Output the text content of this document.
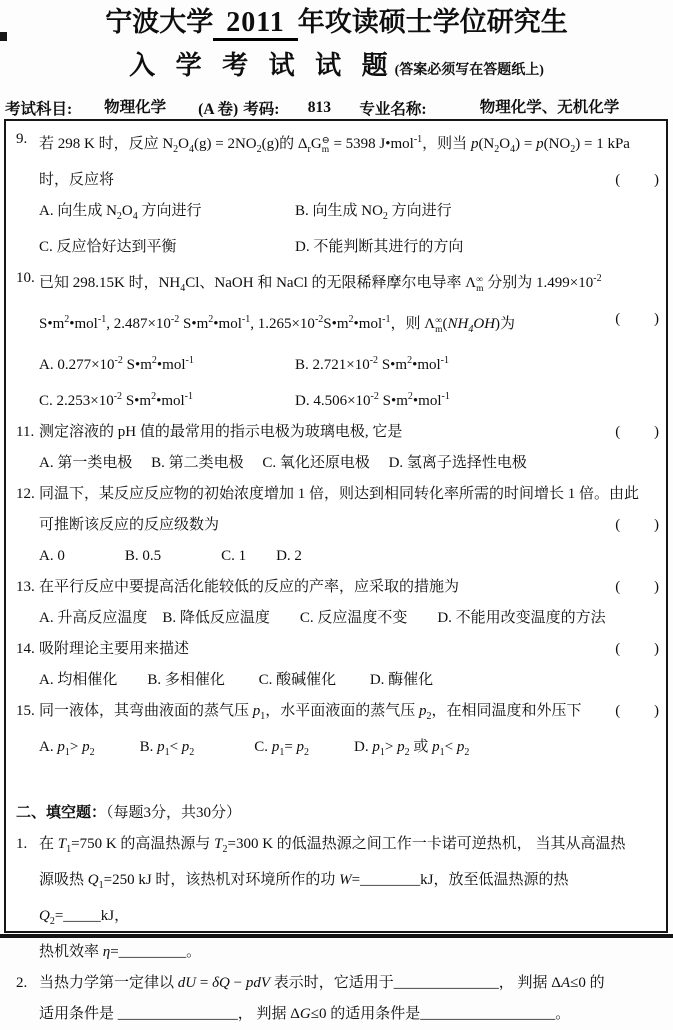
宁波大学 2011 年攻读硕士学位研究生
入 学 考 试 试 题(答案必须写在答题纸上)
考试科目:	物理化学	(A 卷) 考码:	813	专业名称:	物理化学、无机化学
9. 若 298 K 时，反应 $N_2O_4(g) = 2NO_2(g)$的 $\Delta_rG⊖$
m = 5398 J•mol$^{-1}$，则当 $p(N_2O_4) = p(NO_2) = 1$ kPa
时，反应将	(         )
A. 向生成 $N_2O_4$ 方向进行	B. 向生成 $NO_2$ 方向进行
C. 反应恰好达到平衡	D. 不能判断其进行的方向
10. 已知 298.15K 时，$NH_4Cl$、NaOH 和 NaCl 的无限稀释摩尔电导率 Λ∞
m 分别为 $1.499\times 10^{-2}$
$S•m^2•mol^{-1}$, $2.487\times 10^{-2}$ $S•m^2•mol^{-1}$, $1.265\times 10^{-2}S•m^2•mol^{-1}$，则 Λ∞
$m(NH_4OH)$为	(         )
A. $0.277\times 10^{-2}$ $S•m^2•mol^{-1}$	B. $2.721\times 10^{-2}$ $S•m^2•mol^{-1}$
C. $2.253\times 10^{-2}$ $S•m^2•mol^{-1}$	D. $4.506\times 10^{-2}$ $S•m^2•mol^{-1}$
11. 测定溶液的 pH 值的最常用的指示电极为玻璃电极, 它是	(         )
A. 第一类电极　 B. 第二类电极　 C. 氧化还原电极　 D. 氢离子选择性电极
12. 同温下，某反应反应物的初始浓度增加 1 倍，则达到相同转化率所需的时间增长 1 倍。由此
可推断该反应的反应级数为	(         )
A. 0　　　　B. 0.5　　　　C. 1　　D. 2
13. 在平行反应中要提高活化能较低的反应的产率，应采取的措施为	(         )
A. 升高反应温度　B. 降低反应温度　　C. 反应温度不变　　D. 不能用改变温度的方法
14. 吸附理论主要用来描述	(         )
A. 均相催化　　B. 多相催化　　 C. 酸碱催化　　 D. 酶催化
15. 同一液体，其弯曲液面的蒸气压 $p_1$，水平面液面的蒸气压 $p_2$，在相同温度和外压下	(         )
A. $p_1> p_2$　　　B. $p_1< p_2$　　　　C. $p_1= p_2$　　　D. $p_1> p_2$ 或 $p_1< p_2$
二、填空题：（每题3分，共30分）
1. 在 $T_1=750$ K 的高温热源与 $T_2=300$ K 的低温热源之间工作一卡诺可逆热机， 当其从高温热
源吸热 $Q_1=250$ kJ 时，该热机对环境所作的功 W=________kJ，放至低温热源的热 $Q_2=\_\_\_\_\_kJ$，
热机效率 η=_________。
2. 当热力学第一定律以 dU = δQ − pdV 表示时，它适用于______________， 判据 ΔA≤0 的
适用条件是 ________________， 判据 ΔG≤0 的适用条件是__________________。
